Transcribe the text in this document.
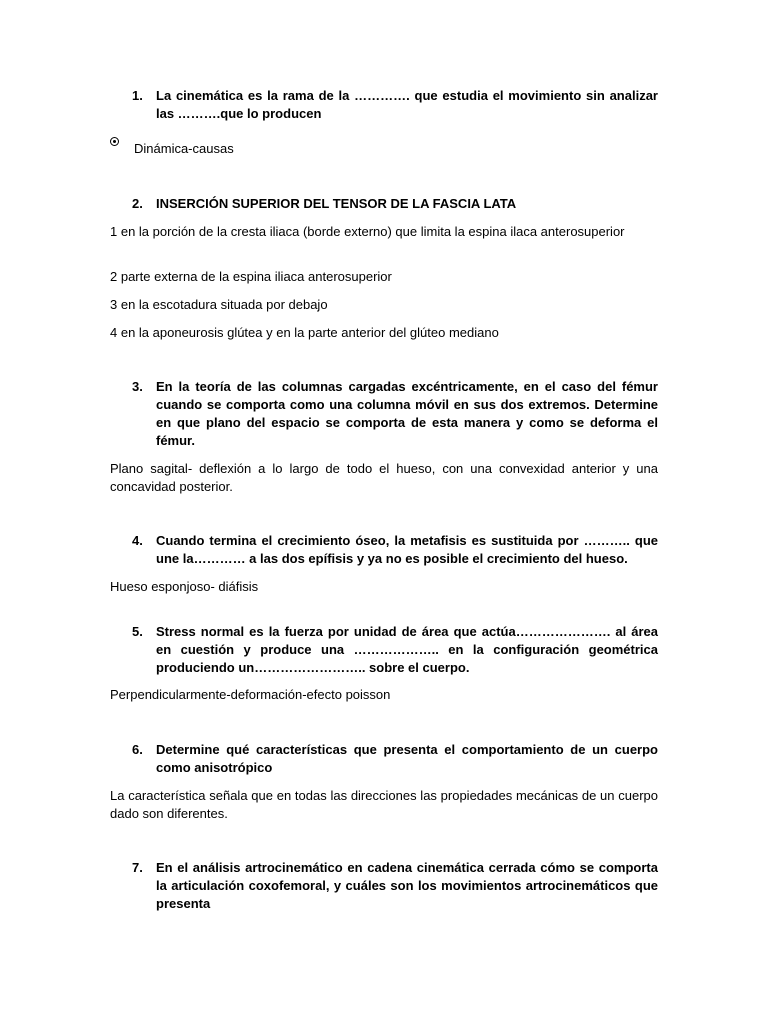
1.	La cinemática es la rama de la …………. que estudia el movimiento sin analizar las ……….que lo producen
Dinámica-causas
2.	INSERCIÓN SUPERIOR DEL TENSOR DE LA FASCIA LATA
1 en la porción de la cresta iliaca (borde externo) que limita la espina ilaca anterosuperior
2 parte externa de la espina iliaca anterosuperior
3 en la escotadura situada por debajo
4 en la aponeurosis glútea y en la parte anterior del glúteo mediano
3.	En la teoría de las columnas cargadas excéntricamente, en el caso del fémur cuando se comporta como una columna móvil en sus dos extremos. Determine en que plano del espacio se comporta de esta manera y como se deforma el fémur.
Plano sagital- deflexión a lo largo de todo el hueso, con una convexidad anterior y una concavidad posterior.
4.	Cuando termina el crecimiento óseo, la metafisis es sustituida por ……….. que une la………… a las dos epífisis y ya no es posible el crecimiento del hueso.
Hueso esponjoso- diáfisis
5.	Stress normal es la fuerza por unidad de área que actúa…………………. al área en cuestión y produce una ……………….. en la configuración geométrica produciendo un…………………….. sobre el cuerpo.
Perpendicularmente-deformación-efecto poisson
6.	Determine qué características que presenta el comportamiento de un cuerpo como anisotrópico
La característica señala que en todas las direcciones las propiedades mecánicas de un cuerpo dado son diferentes.
7.	En el análisis artrocinemático en cadena cinemática cerrada cómo se comporta la articulación coxofemoral, y cuáles son los movimientos artrocinemáticos que presenta
